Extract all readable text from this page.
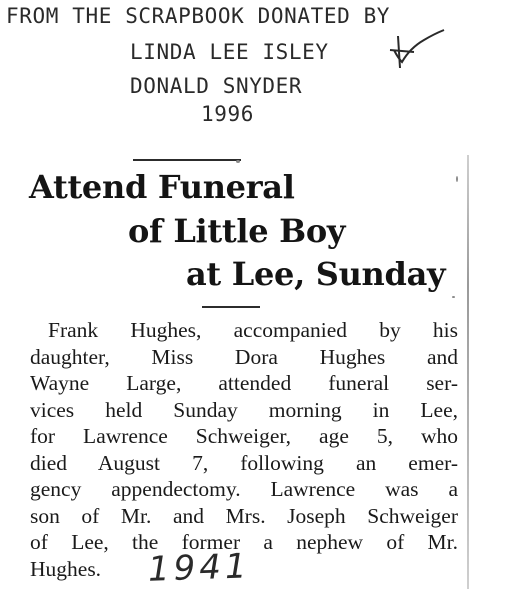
FROM THE SCRAPBOOK DONATED BY
LINDA LEE ISLEY
DONALD SNYDER
1996
Attend Funeral
of Little Boy
at Lee, Sunday
Frank Hughes, accompanied by his
daughter, Miss Dora Hughes and
Wayne Large, attended funeral ser-
vices held Sunday morning in Lee,
for Lawrence Schweiger, age 5, who
died August 7, following an emer-
gency appendectomy. Lawrence was a
son of Mr. and Mrs. Joseph Schweiger
of Lee, the former a nephew of Mr.
Hughes.	1941
